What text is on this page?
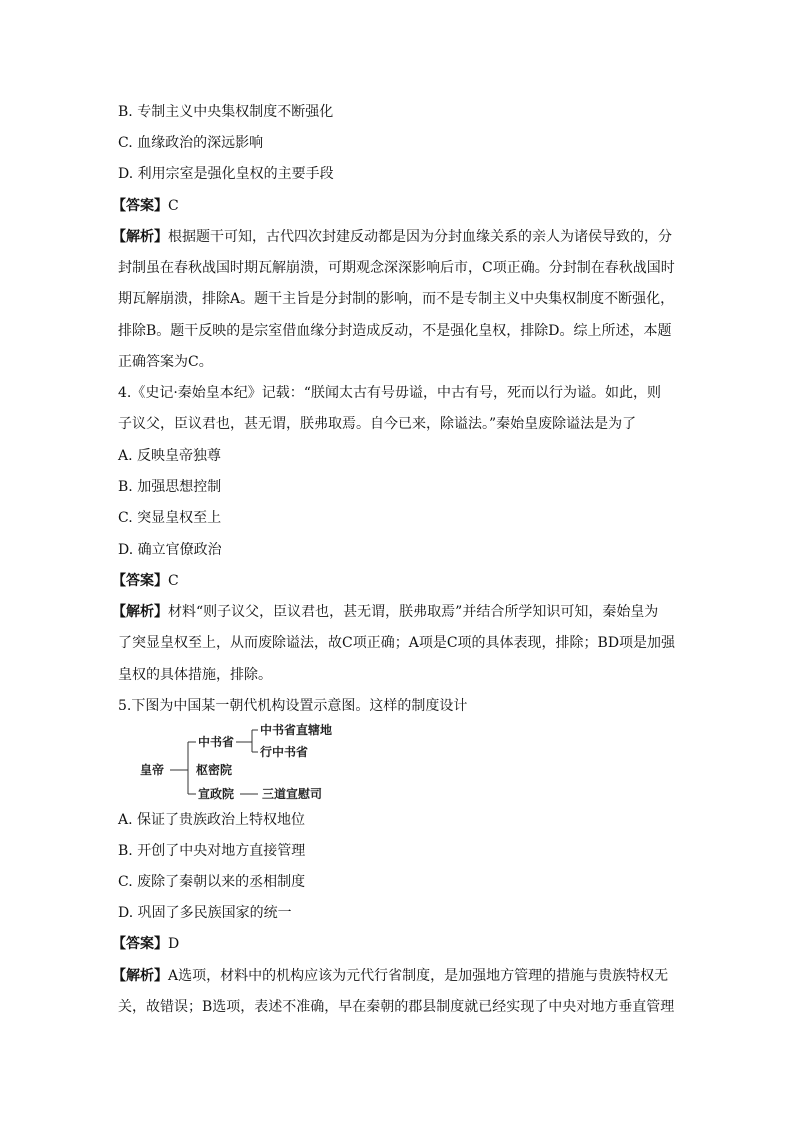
B. 专制主义中央集权制度不断强化
C. 血缘政治的深远影响
D. 利用宗室是强化皇权的主要手段
【答案】C
【解析】根据题干可知，古代四次封建反动都是因为分封血缘关系的亲人为诸侯导致的，分
封制虽在春秋战国时期瓦解崩溃，可期观念深深影响后市，C项正确。分封制在春秋战国时
期瓦解崩溃，排除A。题干主旨是分封制的影响，而不是专制主义中央集权制度不断强化，
排除B。题干反映的是宗室借血缘分封造成反动，不是强化皇权，排除D。综上所述，本题
正确答案为C。
4.《史记·秦始皇本纪》记载：“朕闻太古有号毋谥，中古有号，死而以行为谥。如此，则
子议父，臣议君也，甚无谓，朕弗取焉。自今已来，除谥法。”秦始皇废除谥法是为了
A. 反映皇帝独尊
B. 加强思想控制
C. 突显皇权至上
D. 确立官僚政治
【答案】C
【解析】材料“则子议父，臣议君也，甚无谓，朕弗取焉”并结合所学知识可知，秦始皇为
了突显皇权至上，从而废除谥法，故C项正确；A项是C项的具体表现，排除；BD项是加强
皇权的具体措施，排除。
5.下图为中国某一朝代机构设置示意图。这样的制度设计
皇帝
中书省
中书省直辖地
行中书省
枢密院
宣政院 三道宣慰司
A. 保证了贵族政治上特权地位
B. 开创了中央对地方直接管理
C. 废除了秦朝以来的丞相制度
D. 巩固了多民族国家的统一
【答案】D
【解析】A选项，材料中的机构应该为元代行省制度，是加强地方管理的措施与贵族特权无
关，故错误；B选项，表述不准确，早在秦朝的郡县制度就已经实现了中央对地方垂直管理
